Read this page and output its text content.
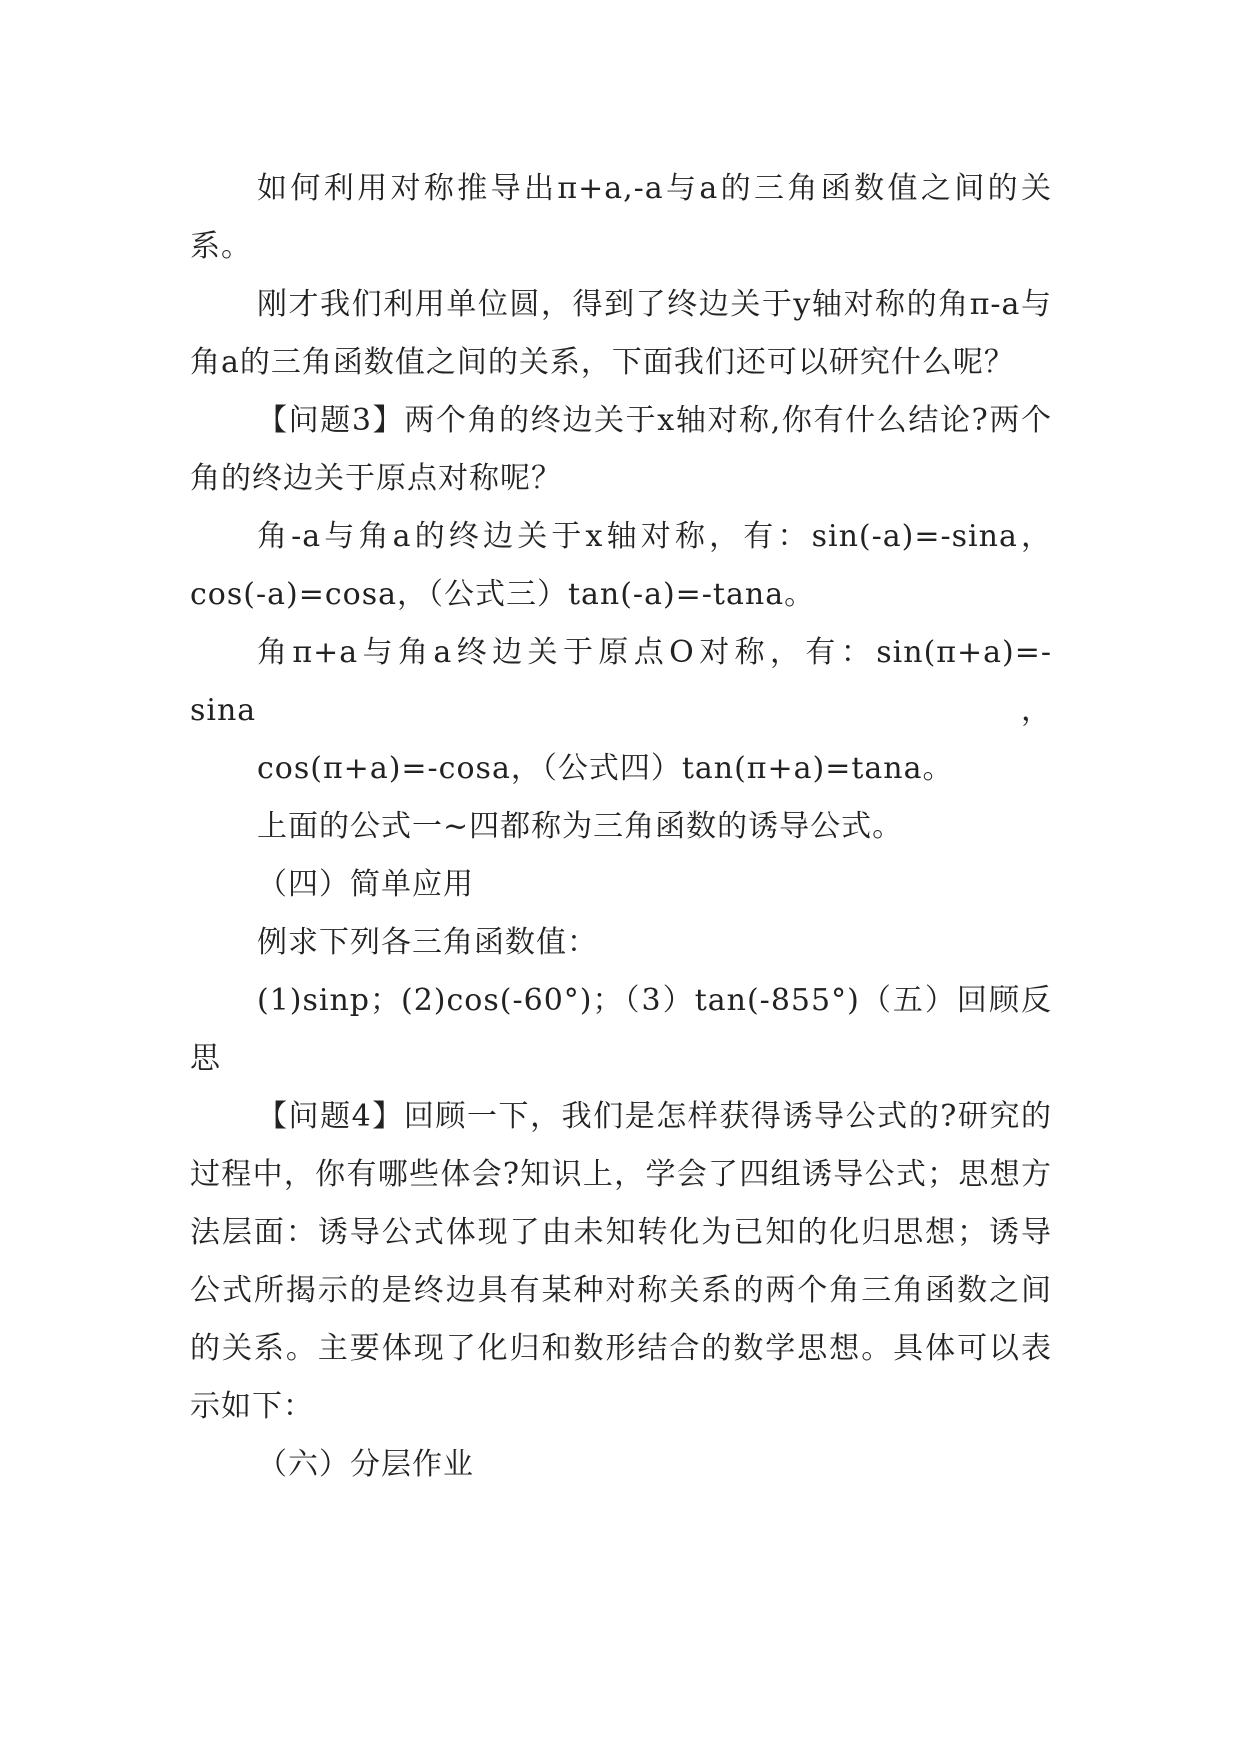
如何利用对称推导出π+a,-a与a的三角函数值之间的关系。

刚才我们利用单位圆，得到了终边关于y轴对称的角π-a与角a的三角函数值之间的关系，下面我们还可以研究什么呢？

【问题3】两个角的终边关于x轴对称,你有什么结论?两个角的终边关于原点对称呢？

角-a与角a的终边关于x轴对称，有：sin(-a)=-sina，cos(-a)=cosa，（公式三）tan(-a)=-tana。

角π+a与角a终边关于原点O对称，有：sin(π+a)=-sina，

cos(π+a)=-cosa，（公式四）tan(π+a)=tana。

上面的公式一~四都称为三角函数的诱导公式。

（四）简单应用

例求下列各三角函数值：

(1)sinp；(2)cos(-60°)；（3）tan(-855°)（五）回顾反思

【问题4】回顾一下，我们是怎样获得诱导公式的?研究的过程中，你有哪些体会?知识上，学会了四组诱导公式；思想方法层面：诱导公式体现了由未知转化为已知的化归思想；诱导公式所揭示的是终边具有某种对称关系的两个角三角函数之间的关系。主要体现了化归和数形结合的数学思想。具体可以表示如下：

（六）分层作业
